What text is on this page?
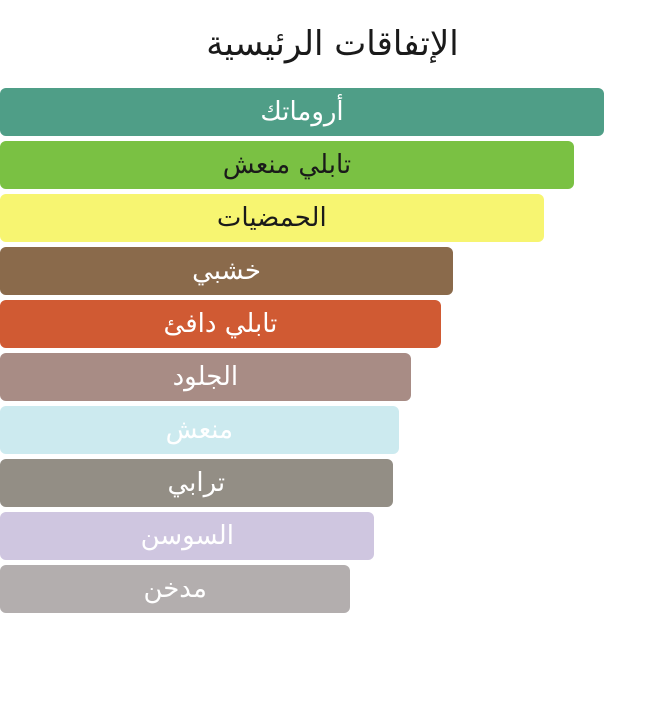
الإتفاقات الرئيسية
أروماتك
تابلي منعش
الحمضيات
خشبي
تابلي دافئ
الجلود
منعش
ترابي
السوسن
مدخن
